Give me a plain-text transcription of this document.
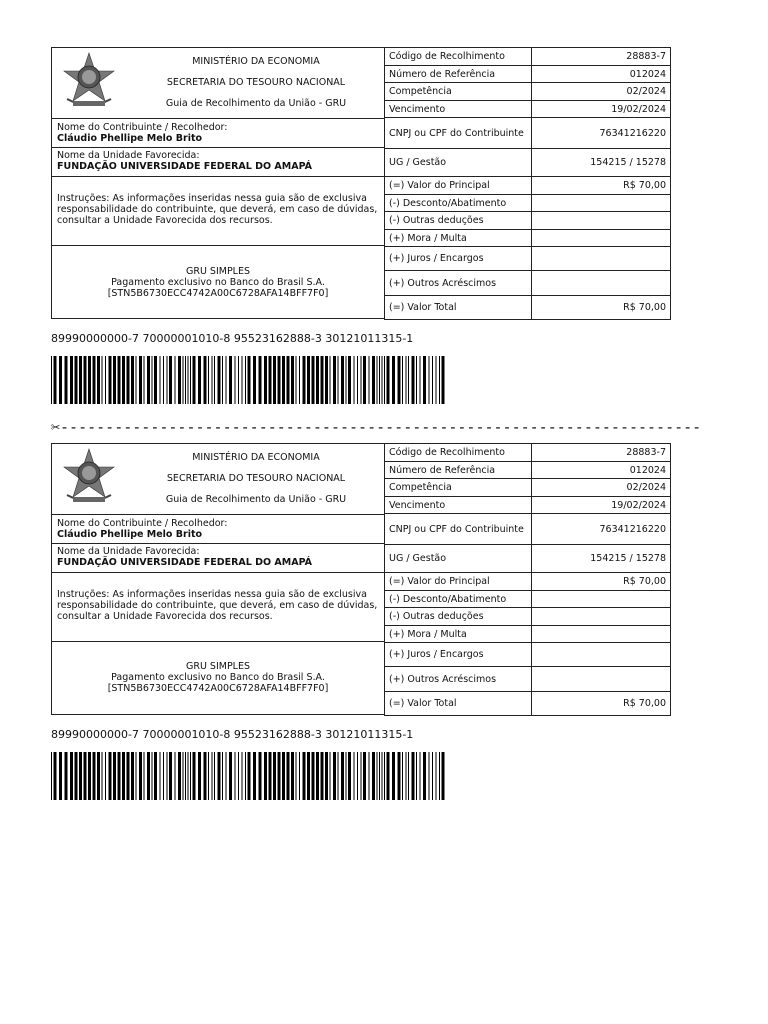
MINISTÉRIO DA ECONOMIA
SECRETARIA DO TESOURO NACIONAL
Guia de Recolhimento da União - GRU
Nome do Contribuinte / Recolhedor:
Cláudio Phellipe Melo Brito
Nome da Unidade Favorecida:
FUNDAÇÃO UNIVERSIDADE FEDERAL DO AMAPÁ
Instruções: As informações inseridas nessa guia são de exclusiva responsabilidade do contribuinte, que deverá, em caso de dúvidas, consultar a Unidade Favorecida dos recursos.
GRU SIMPLES
Pagamento exclusivo no Banco do Brasil S.A.
[STN5B6730ECC4742A00C6728AFA14BFF7F0]
Código de Recolhimento	28883-7
Número de Referência	012024
Competência	02/2024
Vencimento	19/02/2024
CNPJ ou CPF do Contribuinte	76341216220
UG / Gestão	154215 / 15278
(=) Valor do Principal	R$ 70,00
(-) Desconto/Abatimento	
(-) Outras deduções	
(+) Mora / Multa	
(+) Juros / Encargos	
(+) Outros Acréscimos	
(=) Valor Total	R$ 70,00
89990000000-7 70000001010-8 95523162888-3 30121011315-1
✂-----------------------------------------------------------------------
MINISTÉRIO DA ECONOMIA
SECRETARIA DO TESOURO NACIONAL
Guia de Recolhimento da União - GRU
Nome do Contribuinte / Recolhedor:
Cláudio Phellipe Melo Brito
Nome da Unidade Favorecida:
FUNDAÇÃO UNIVERSIDADE FEDERAL DO AMAPÁ
Instruções: As informações inseridas nessa guia são de exclusiva responsabilidade do contribuinte, que deverá, em caso de dúvidas, consultar a Unidade Favorecida dos recursos.
GRU SIMPLES
Pagamento exclusivo no Banco do Brasil S.A.
[STN5B6730ECC4742A00C6728AFA14BFF7F0]
Código de Recolhimento	28883-7
Número de Referência	012024
Competência	02/2024
Vencimento	19/02/2024
CNPJ ou CPF do Contribuinte	76341216220
UG / Gestão	154215 / 15278
(=) Valor do Principal	R$ 70,00
(-) Desconto/Abatimento	
(-) Outras deduções	
(+) Mora / Multa	
(+) Juros / Encargos	
(+) Outros Acréscimos	
(=) Valor Total	R$ 70,00
89990000000-7 70000001010-8 95523162888-3 30121011315-1
